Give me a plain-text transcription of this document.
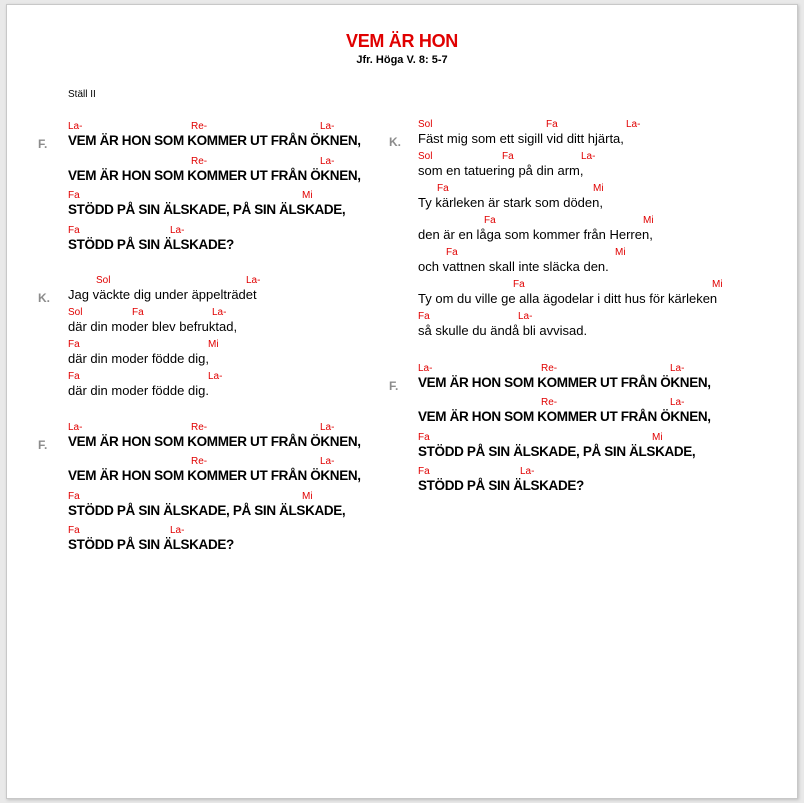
VEM ÄR HON
Jfr. Höga V. 8: 5-7
Ställ II
F.
La-	Re-	La-
VEM ÄR HON SOM KOMMER UT FRÅN ÖKNEN,
Re-	La-
VEM ÄR HON SOM KOMMER UT FRÅN ÖKNEN,
Fa	Mi
STÖDD PÅ SIN ÄLSKADE, PÅ SIN ÄLSKADE,
Fa	La-
STÖDD PÅ SIN ÄLSKADE?
K.
Sol	La-
Jag väckte dig under äppelträdet
Sol	Fa	La-
där din moder blev befruktad,
Fa	Mi
där din moder födde dig,
Fa	La-
där din moder födde dig.
F.
La-	Re-	La-
VEM ÄR HON SOM KOMMER UT FRÅN ÖKNEN,
Re-	La-
VEM ÄR HON SOM KOMMER UT FRÅN ÖKNEN,
Fa	Mi
STÖDD PÅ SIN ÄLSKADE, PÅ SIN ÄLSKADE,
Fa	La-
STÖDD PÅ SIN ÄLSKADE?
K.
Sol	Fa	La-
Fäst mig som ett sigill vid ditt hjärta,
Sol	Fa	La-
som en tatuering på din arm,
Fa	Mi
Ty kärleken är stark som döden,
Fa	Mi
den är en låga som kommer från Herren,
Fa	Mi
och vattnen skall inte släcka den.
Fa	Mi
Ty om du ville ge alla ägodelar i ditt hus för kärleken
Fa	La-
så skulle du ändå bli avvisad.
F.
La-	Re-	La-
VEM ÄR HON SOM KOMMER UT FRÅN ÖKNEN,
Re-	La-
VEM ÄR HON SOM KOMMER UT FRÅN ÖKNEN,
Fa	Mi
STÖDD PÅ SIN ÄLSKADE, PÅ SIN ÄLSKADE,
Fa	La-
STÖDD PÅ SIN ÄLSKADE?
